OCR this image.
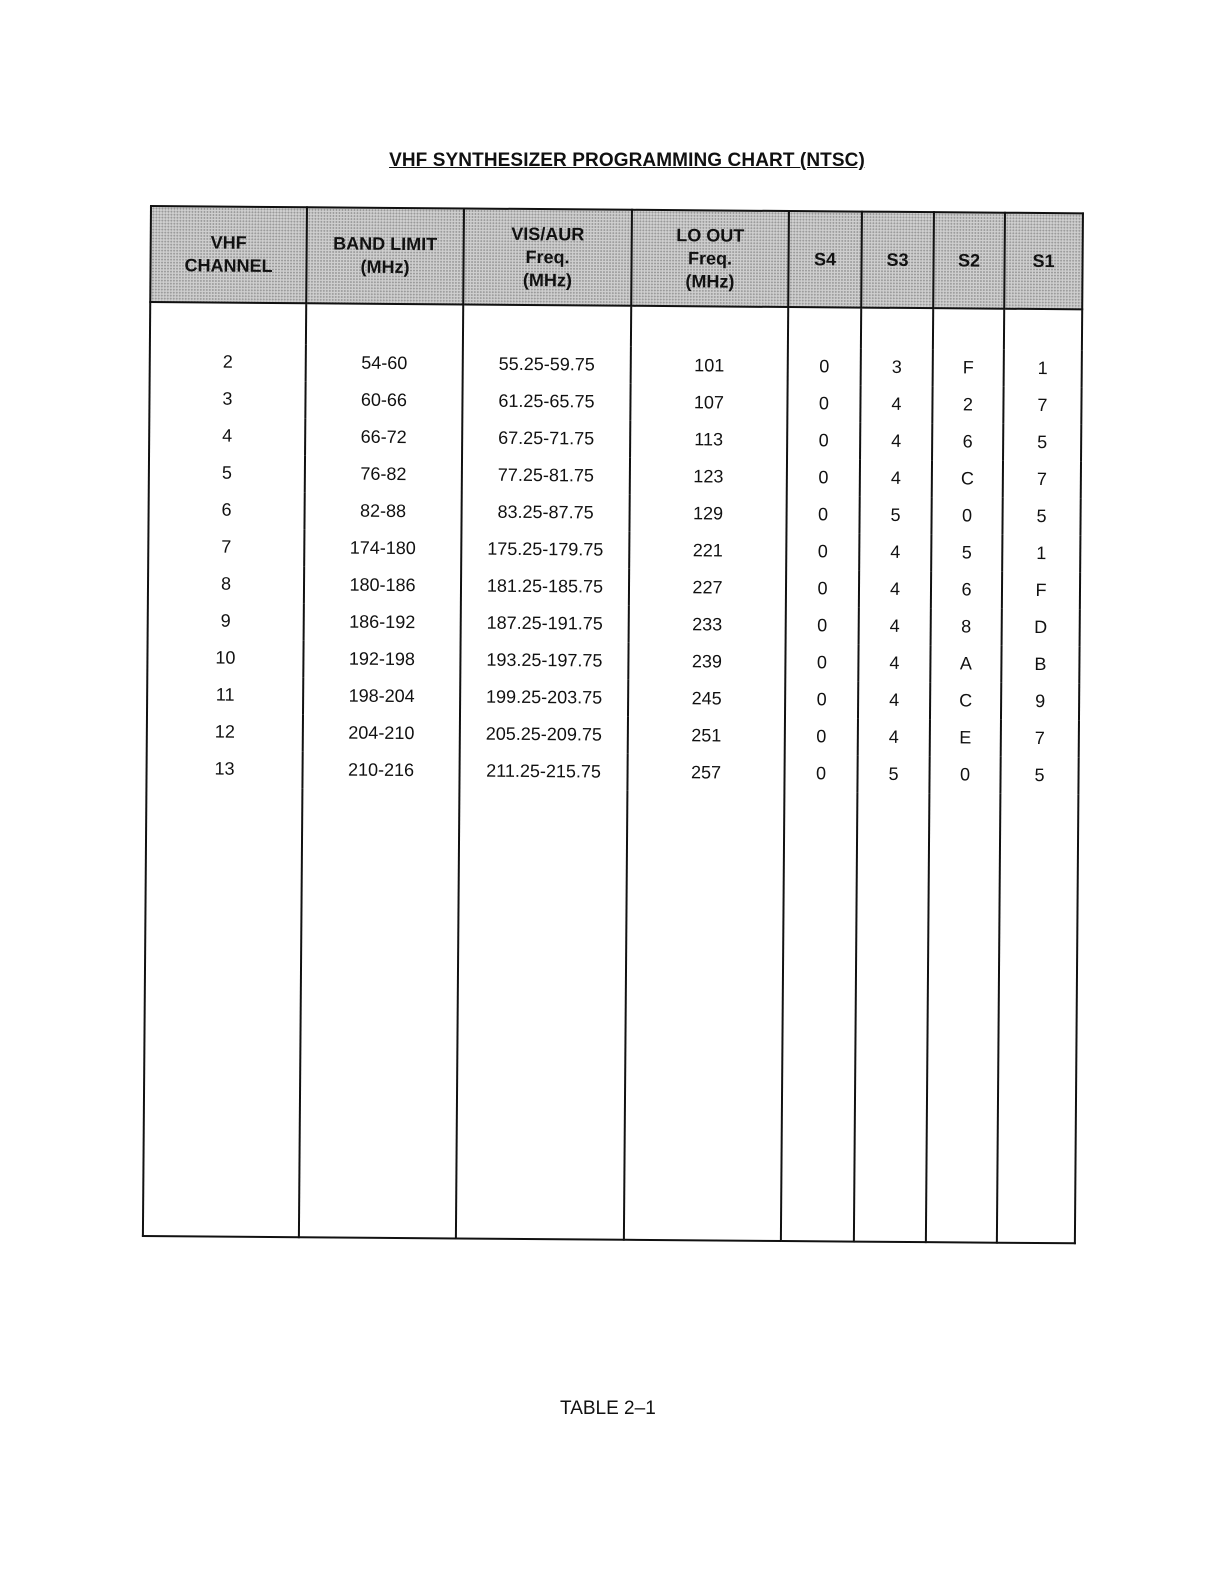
VHF SYNTHESIZER PROGRAMMING CHART (NTSC)
VHF
CHANNEL	BAND LIMIT
(MHz)	VIS/AUR
Freq.
(MHz)	LO OUT
Freq.
(MHz)	S4	S3	S2	S1

2	54-60	55.25-59.75	101	0	3	F	1
3	60-66	61.25-65.75	107	0	4	2	7
4	66-72	67.25-71.75	113	0	4	6	5
5	76-82	77.25-81.75	123	0	4	C	7
6	82-88	83.25-87.75	129	0	5	0	5
7	174-180	175.25-179.75	221	0	4	5	1
8	180-186	181.25-185.75	227	0	4	6	F
9	186-192	187.25-191.75	233	0	4	8	D
10	192-198	193.25-197.75	239	0	4	A	B
11	198-204	199.25-203.75	245	0	4	C	9
12	204-210	205.25-209.75	251	0	4	E	7
13	210-216	211.25-215.75	257	0	5	0	5

TABLE 2–1
